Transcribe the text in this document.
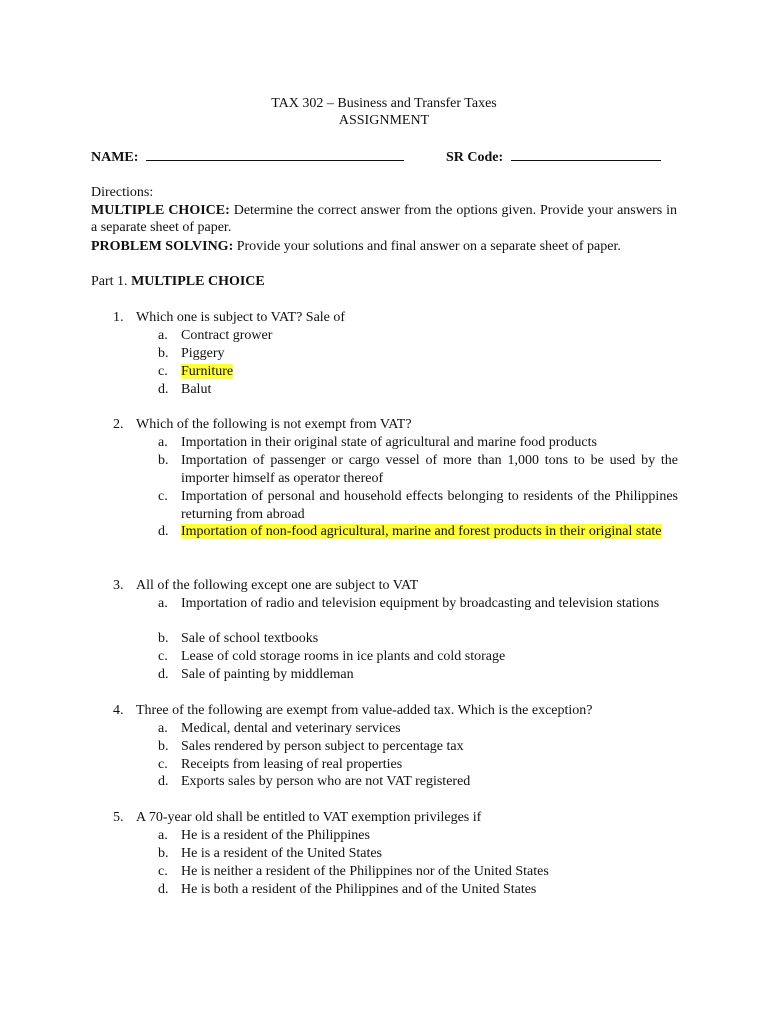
TAX 302 – Business and Transfer Taxes
ASSIGNMENT
NAME:	SR Code:
Directions:
MULTIPLE CHOICE: Determine the correct answer from the options given. Provide your answers in a separate sheet of paper.
PROBLEM SOLVING: Provide your solutions and final answer on a separate sheet of paper.
Part 1. MULTIPLE CHOICE
1. Which one is subject to VAT? Sale of
a. Contract grower
b. Piggery
c. Furniture
d. Balut
2. Which of the following is not exempt from VAT?
a. Importation in their original state of agricultural and marine food products
b. Importation of passenger or cargo vessel of more than 1,000 tons to be used by the importer himself as operator thereof
c. Importation of personal and household effects belonging to residents of the Philippines returning from abroad
d. Importation of non-food agricultural, marine and forest products in their original state
3. All of the following except one are subject to VAT
a. Importation of radio and television equipment by broadcasting and television stations
b. Sale of school textbooks
c. Lease of cold storage rooms in ice plants and cold storage
d. Sale of painting by middleman
4. Three of the following are exempt from value-added tax. Which is the exception?
a. Medical, dental and veterinary services
b. Sales rendered by person subject to percentage tax
c. Receipts from leasing of real properties
d. Exports sales by person who are not VAT registered
5. A 70-year old shall be entitled to VAT exemption privileges if
a. He is a resident of the Philippines
b. He is a resident of the United States
c. He is neither a resident of the Philippines nor of the United States
d. He is both a resident of the Philippines and of the United States
